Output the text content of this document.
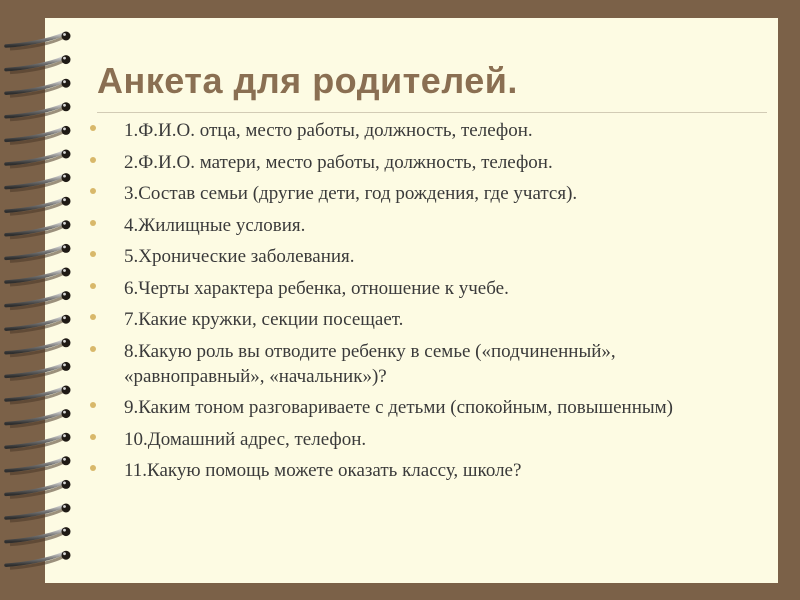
Анкета для родителей.
1.Ф.И.О. отца, место работы, должность, телефон.
2.Ф.И.О. матери, место работы, должность, телефон.
3.Состав семьи (другие дети, год рождения, где учатся).
4.Жилищные условия.
5.Хронические заболевания.
6.Черты характера ребенка, отношение к учебе.
7.Какие кружки, секции посещает.
8.Какую роль вы отводите ребенку в семье («подчиненный», «равноправный», «начальник»)?
9.Каким тоном разговариваете с детьми (спокойным, повышенным)
10.Домашний адрес, телефон.
11.Какую помощь можете оказать классу, школе?
